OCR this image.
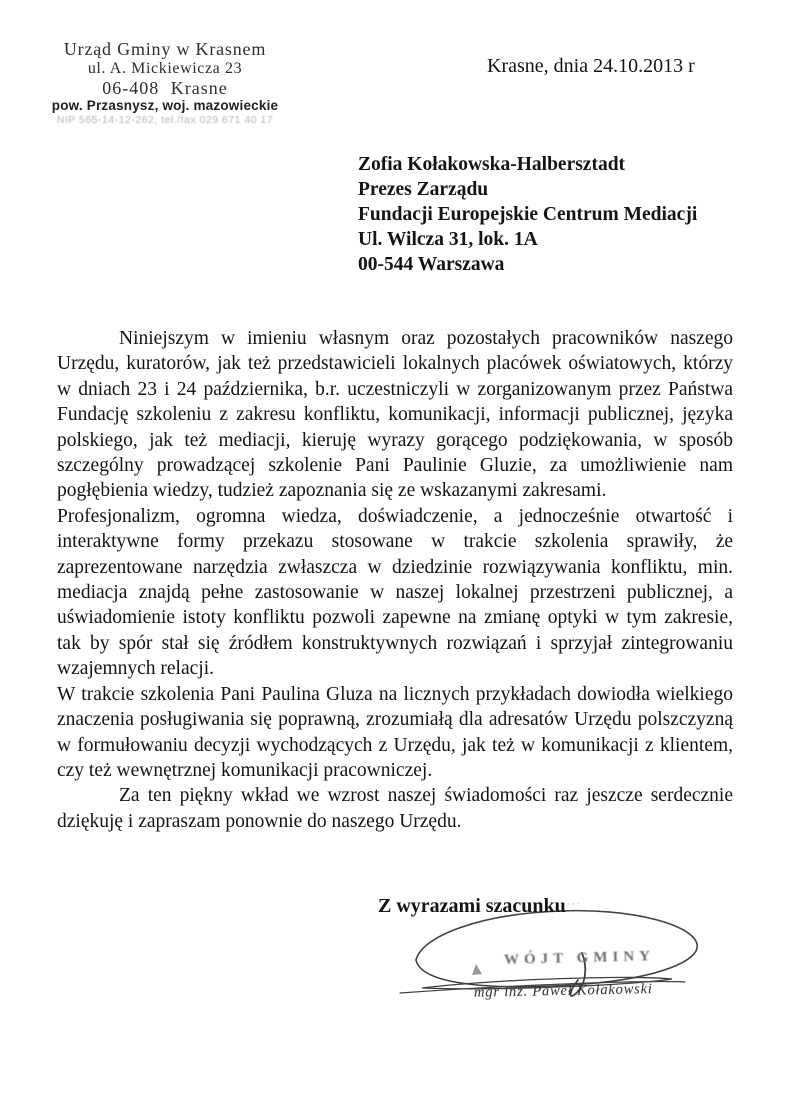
Urząd Gminy w Krasnem
ul. A. Mickiewicza 23
06-408 Krasne
pow. Przasnysz, woj. mazowieckie
NIP 565-14-12-262, tel./fax 029 671 40 17
Krasne, dnia 24.10.2013 r
Zofia Kołakowska-Halbersztadt
Prezes Zarządu
Fundacji Europejskie Centrum Mediacji
Ul. Wilcza 31, lok. 1A
00-544 Warszawa

Niniejszym w imieniu własnym oraz pozostałych pracowników naszego Urzędu, kuratorów, jak też przedstawicieli lokalnych placówek oświatowych, którzy w dniach 23 i 24 października, b.r. uczestniczyli w zorganizowanym przez Państwa Fundację szkoleniu z zakresu konfliktu, komunikacji, informacji publicznej, języka polskiego, jak też mediacji, kieruję wyrazy gorącego podziękowania, w sposób szczególny prowadzącej szkolenie Pani Paulinie Gluzie, za umożliwienie nam pogłębienia wiedzy, tudzież zapoznania się ze wskazanymi zakresami.

Profesjonalizm, ogromna wiedza, doświadczenie, a jednocześnie otwartość i interaktywne formy przekazu stosowane w trakcie szkolenia sprawiły, że zaprezentowane narzędzia zwłaszcza w dziedzinie rozwiązywania konfliktu, min. mediacja znajdą pełne zastosowanie w naszej lokalnej przestrzeni publicznej, a uświadomienie istoty konfliktu pozwoli zapewne na zmianę optyki w tym zakresie, tak by spór stał się źródłem konstruktywnych rozwiązań i sprzyjał zintegrowaniu wzajemnych relacji.

W trakcie szkolenia Pani Paulina Gluza na licznych przykładach dowiodła wielkiego znaczenia posługiwania się poprawną, zrozumiałą dla adresatów Urzędu polszczyzną w formułowaniu decyzji wychodzących z Urzędu, jak też w komunikacji z klientem, czy też wewnętrznej komunikacji pracowniczej.

Za ten piękny wkład we wzrost naszej świadomości raz jeszcze serdecznie dziękuję i zapraszam ponownie do naszego Urzędu.

Z wyrazami szacunku ···
WÓJT GMINY
mgr inż. Paweł Kołakowski
